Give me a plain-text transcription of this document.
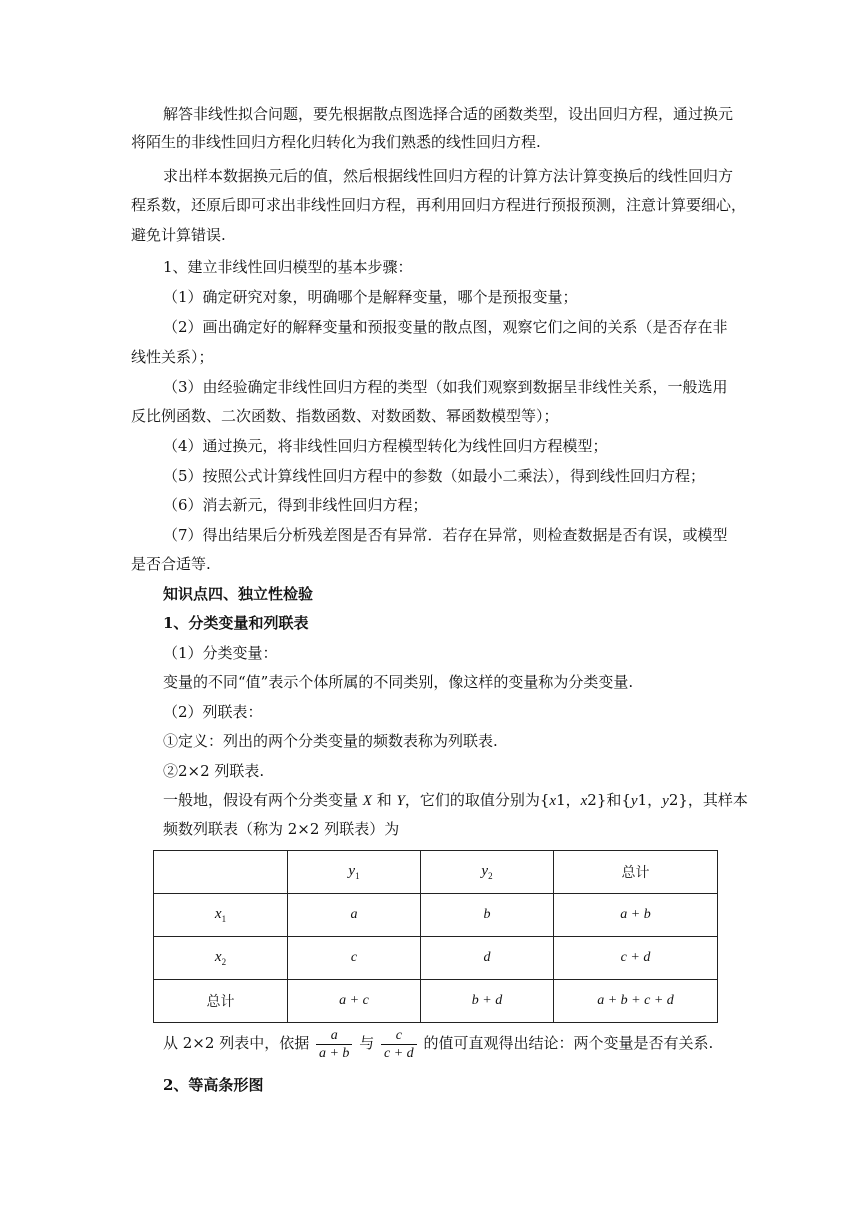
解答非线性拟合问题，要先根据散点图选择合适的函数类型，设出回归方程，通过换元
将陌生的非线性回归方程化归转化为我们熟悉的线性回归方程.
求出样本数据换元后的值，然后根据线性回归方程的计算方法计算变换后的线性回归方
程系数，还原后即可求出非线性回归方程，再利用回归方程进行预报预测，注意计算要细心，
避免计算错误.
1、建立非线性回归模型的基本步骤：
（1）确定研究对象，明确哪个是解释变量，哪个是预报变量；
（2）画出确定好的解释变量和预报变量的散点图，观察它们之间的关系（是否存在非
线性关系）；
（3）由经验确定非线性回归方程的类型（如我们观察到数据呈非线性关系，一般选用
反比例函数、二次函数、指数函数、对数函数、幂函数模型等）；
（4）通过换元，将非线性回归方程模型转化为线性回归方程模型；
（5）按照公式计算线性回归方程中的参数（如最小二乘法），得到线性回归方程；
（6）消去新元，得到非线性回归方程；
（7）得出结果后分析残差图是否有异常．若存在异常，则检查数据是否有误，或模型
是否合适等.
知识点四、独立性检验
1、分类变量和列联表
（1）分类变量：
变量的不同“值”表示个体所属的不同类别，像这样的变量称为分类变量.
（2）列联表：
①定义：列出的两个分类变量的频数表称为列联表.
②2×2 列联表.
一般地，假设有两个分类变量 X 和 Y，它们的取值分别为{x1，x2}和{y1，y2}，其样本
频数列联表（称为 2×2 列联表）为
	$y_1$	$y_2$	总计
$x_1$	a	b	a + b
$x_2$	c	d	c + d
总计	a + c	b + d	a + b + c + d
从 2×2 列表中，依据 $\frac{a}{a + b}$ 与 $\frac{c}{c + d}$ 的值可直观得出结论：两个变量是否有关系.
2、等高条形图
